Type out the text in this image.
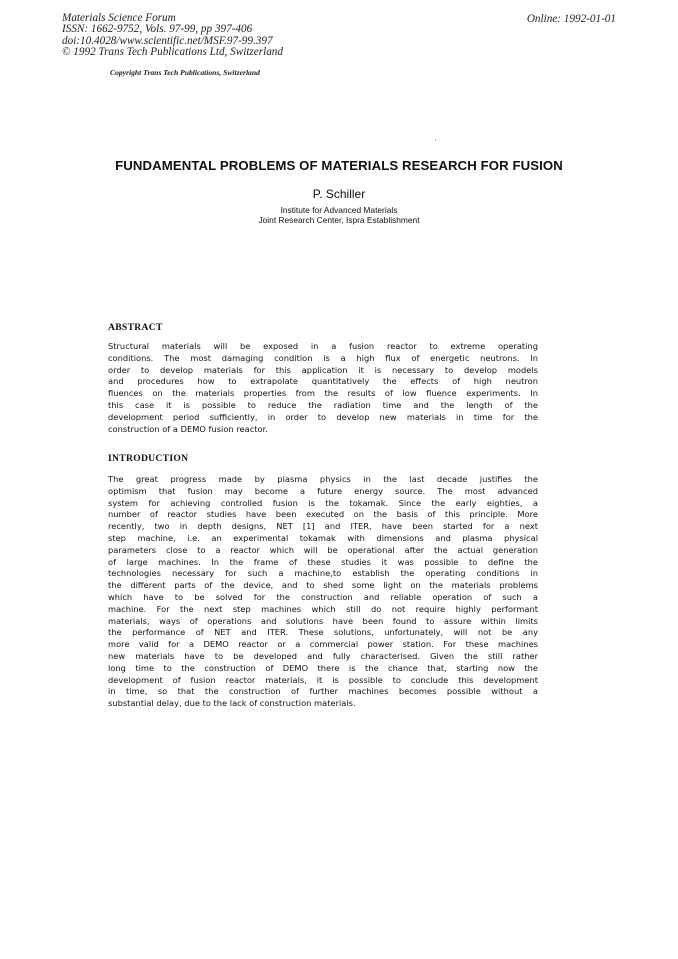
Materials Science Forum
ISSN: 1662-9752, Vols. 97-99, pp 397-406
doi:10.4028/www.scientific.net/MSF.97-99.397
© 1992 Trans Tech Publications Ltd, Switzerland
Online: 1992-01-01
Copyright Trans Tech Publications, Switzerland
FUNDAMENTAL PROBLEMS OF MATERIALS RESEARCH FOR FUSION
P. Schiller
Institute for Advanced Materials
Joint Research Center, Ispra Establishment
ABSTRACT
Structural materials will be exposed in a fusion reactor to extreme operating
conditions. The most damaging condition is a high flux of energetic neutrons. In
order to develop materials for this application it is necessary to develop models
and procedures how to extrapolate quantitatively the effects of high neutron
fluences on the materials properties from the results of low fluence experiments. In
this case it is possible to reduce the radiation time and the length of the
development period sufficiently, in order to develop new materials in time for the
construction of a DEMO fusion reactor.
INTRODUCTION
The great progress made by plasma physics in the last decade justifies the
optimism that fusion may become a future energy source. The most advanced
system for achieving controlled fusion is the tokamak. Since the early eighties, a
number of reactor studies have been executed on the basis of this principle. More
recently, two in depth designs, NET [1] and ITER, have been started for a next
step machine, i.e. an experimental tokamak with dimensions and plasma physical
parameters close to a reactor which will be operational after the actual generation
of large machines. In the frame of these studies it was possible to define the
technologies necessary for such a machine,to establish the operating conditions in
the different parts of the device, and to shed some light on the materials problems
which have to be solved for the construction and reliable operation of such a
machine. For the next step machines which still do not require highly performant
materials, ways of operations and solutions have been found to assure within limits
the performance of NET and ITER. These solutions, unfortunately, will not be any
more valid for a DEMO reactor or a commercial power station. For these machines
new materials have to be developed and fully characterised. Given the still rather
long time to the construction of DEMO there is the chance that, starting now the
development of fusion reactor materials, it is possible to conclude this development
in time, so that the construction of further machines becomes possible without a
substantial delay, due to the lack of construction materials.
